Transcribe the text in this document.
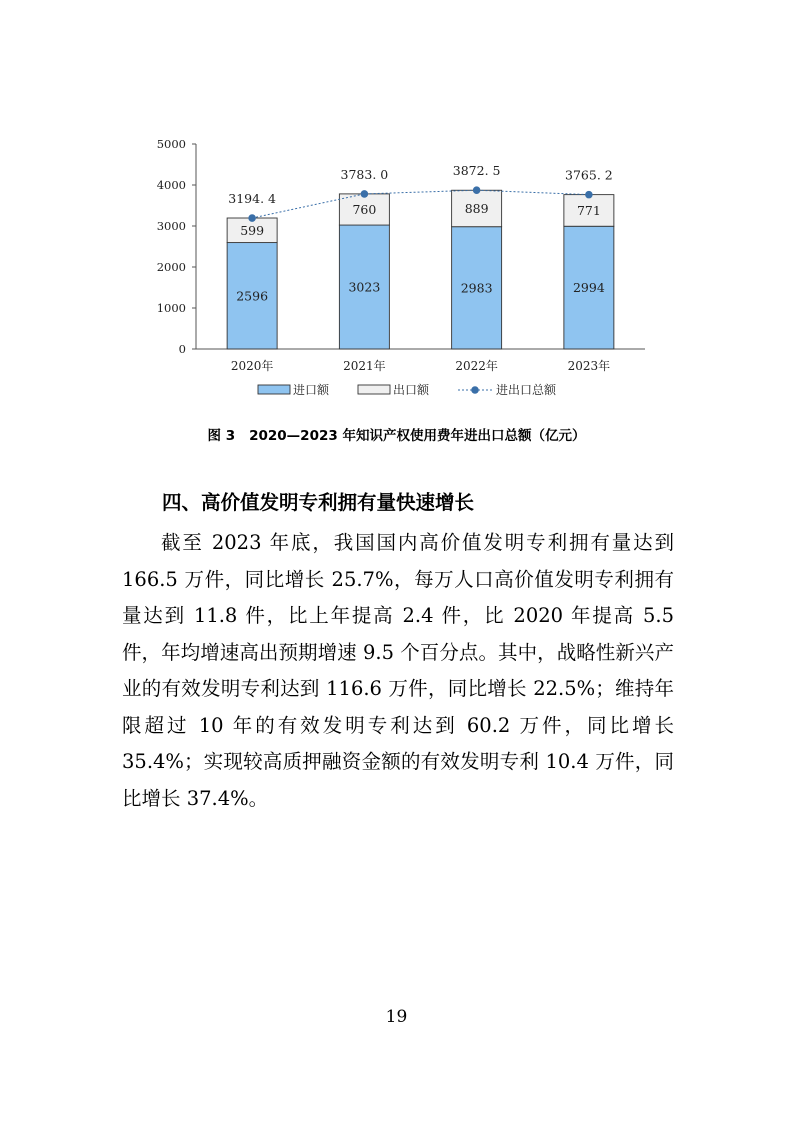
0
1000
2000
3000
4000
5000
2020年	2021年	2022年	2023年
2596
599
3023
760
2983
889
2994
771
3194. 4
3783. 0	3872. 5	3765. 2
进口额	出口额	进出口总额
图 3 2020—2023 年知识产权使用费年进出口总额（亿元）
四、高价值发明专利拥有量快速增长

截至 2023 年底，我国国内高价值发明专利拥有量达到 166.5 万件，同比增长 25.7%，每万人口高价值发明专利拥有量达到 11.8 件，比上年提高 2.4 件，比 2020 年提高 5.5 件，年均增速高出预期增速 9.5 个百分点。其中，战略性新兴产业的有效发明专利达到 116.6 万件，同比增长 22.5%；维持年限超过 10 年的有效发明专利达到 60.2 万件，同比增长 35.4%；实现较高质押融资金额的有效发明专利 10.4 万件，同比增长 37.4%。

19
